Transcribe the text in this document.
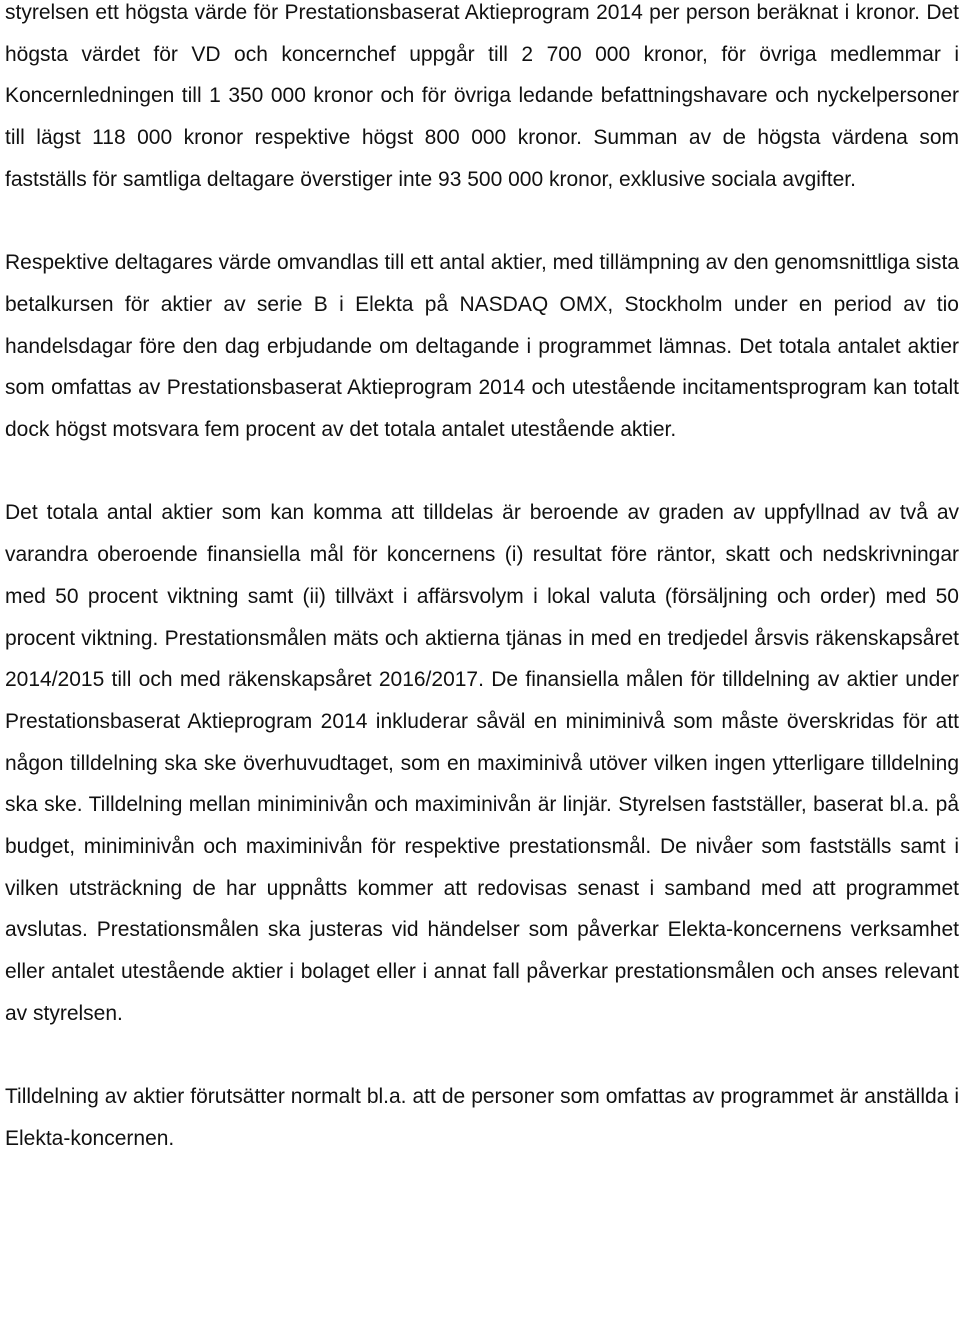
styrelsen ett högsta värde för Prestationsbaserat Aktieprogram 2014 per person beräknat i kronor. Det högsta värdet för VD och koncernchef uppgår till 2 700 000 kronor, för övriga medlemmar i Koncernledningen till 1 350 000 kronor och för övriga ledande befattningshavare och nyckelpersoner till lägst 118 000 kronor respektive högst 800 000 kronor. Summan av de högsta värdena som fastställs för samtliga deltagare överstiger inte 93 500 000 kronor, exklusive sociala avgifter.

Respektive deltagares värde omvandlas till ett antal aktier, med tillämpning av den genomsnittliga sista betalkursen för aktier av serie B i Elekta på NASDAQ OMX, Stockholm under en period av tio handelsdagar före den dag erbjudande om deltagande i programmet lämnas. Det totala antalet aktier som omfattas av Prestationsbaserat Aktieprogram 2014 och utestående incitamentsprogram kan totalt dock högst motsvara fem procent av det totala antalet utestående aktier.

Det totala antal aktier som kan komma att tilldelas är beroende av graden av uppfyllnad av två av varandra oberoende finansiella mål för koncernens (i) resultat före räntor, skatt och nedskrivningar med 50 procent viktning samt (ii) tillväxt i affärsvolym i lokal valuta (försäljning och order) med 50 procent viktning. Prestationsmålen mäts och aktierna tjänas in med en tredjedel årsvis räkenskapsåret 2014/2015 till och med räkenskapsåret 2016/2017. De finansiella målen för tilldelning av aktier under Prestationsbaserat Aktieprogram 2014 inkluderar såväl en miniminivå som måste överskridas för att någon tilldelning ska ske överhuvudtaget, som en maximinivå utöver vilken ingen ytterligare tilldelning ska ske. Tilldelning mellan miniminivån och maximinivån är linjär. Styrelsen fastställer, baserat bl.a. på budget, miniminivån och maximinivån för respektive prestationsmål. De nivåer som fastställs samt i vilken utsträckning de har uppnåtts kommer att redovisas senast i samband med att programmet avslutas. Prestationsmålen ska justeras vid händelser som påverkar Elekta-koncernens verksamhet eller antalet utestående aktier i bolaget eller i annat fall påverkar prestationsmålen och anses relevant av styrelsen.

Tilldelning av aktier förutsätter normalt bl.a. att de personer som omfattas av programmet är anställda i Elekta-koncernen.
